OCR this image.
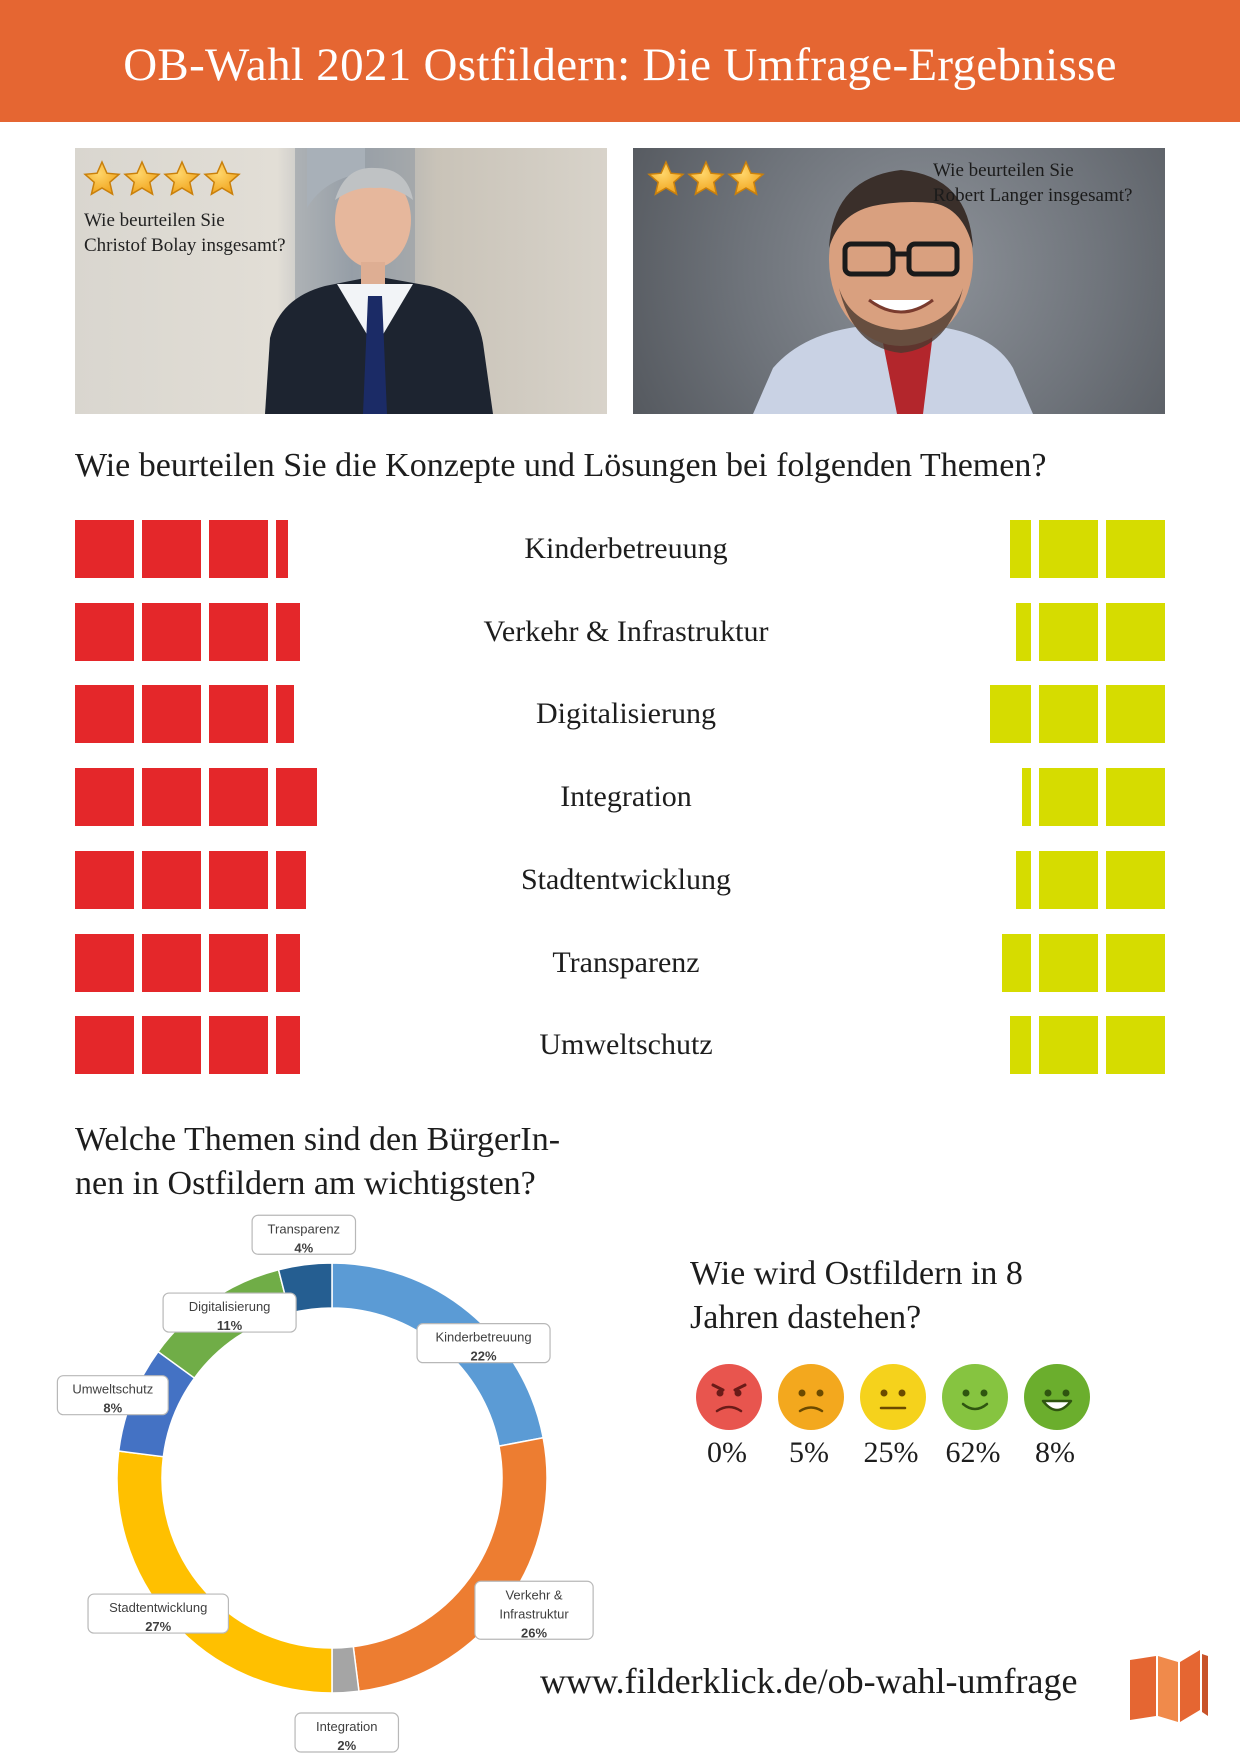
OB-Wahl 2021 Ostfildern: Die Umfrage-Ergebnisse
Wie beurteilen Sie
Christof Bolay insgesamt?
Wie beurteilen Sie
Robert Langer insgesamt?
Wie beurteilen Sie die Konzepte und Lösungen bei folgenden Themen?
Kinderbetreuung
Verkehr & Infrastruktur
Digitalisierung
Integration
Stadtentwicklung
Transparenz
Umweltschutz
Welche Themen sind den BürgerIn-
nen in Ostfildern am wichtigsten?
Kinderbetreuung
22%
Verkehr &
Infrastruktur
26%
Integration
2%
Stadtentwicklung
27%
Umweltschutz
8%
Digitalisierung
11%
Transparenz
4%
Wie wird Ostfildern in 8
Jahren dastehen?
0%	5%	25% 62%	8%
www.filderklick.de/ob-wahl-umfrage
